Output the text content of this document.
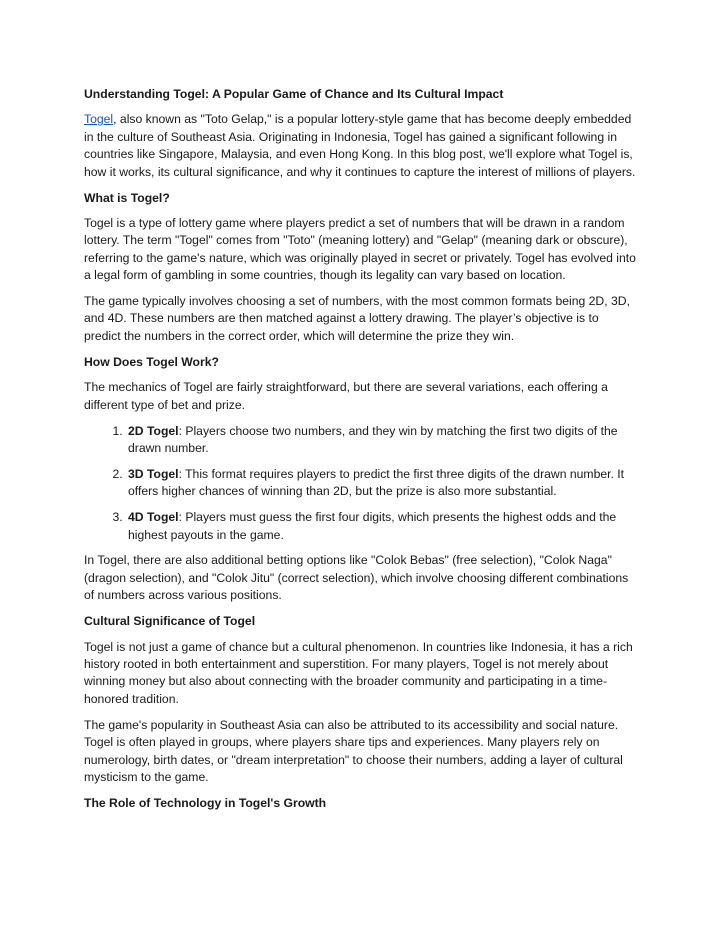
Understanding Togel: A Popular Game of Chance and Its Cultural Impact

Togel, also known as "Toto Gelap," is a popular lottery-style game that has become deeply embedded in the culture of Southeast Asia. Originating in Indonesia, Togel has gained a significant following in countries like Singapore, Malaysia, and even Hong Kong. In this blog post, we'll explore what Togel is, how it works, its cultural significance, and why it continues to capture the interest of millions of players.

What is Togel?

Togel is a type of lottery game where players predict a set of numbers that will be drawn in a random lottery. The term "Togel" comes from "Toto" (meaning lottery) and "Gelap" (meaning dark or obscure), referring to the game's nature, which was originally played in secret or privately. Togel has evolved into a legal form of gambling in some countries, though its legality can vary based on location.

The game typically involves choosing a set of numbers, with the most common formats being 2D, 3D, and 4D. These numbers are then matched against a lottery drawing. The player’s objective is to predict the numbers in the correct order, which will determine the prize they win.

How Does Togel Work?

The mechanics of Togel are fairly straightforward, but there are several variations, each offering a different type of bet and prize.

1. 2D Togel: Players choose two numbers, and they win by matching the first two digits of the drawn number.
2. 3D Togel: This format requires players to predict the first three digits of the drawn number. It offers higher chances of winning than 2D, but the prize is also more substantial.
3. 4D Togel: Players must guess the first four digits, which presents the highest odds and the highest payouts in the game.

In Togel, there are also additional betting options like "Colok Bebas" (free selection), "Colok Naga" (dragon selection), and "Colok Jitu" (correct selection), which involve choosing different combinations of numbers across various positions.

Cultural Significance of Togel

Togel is not just a game of chance but a cultural phenomenon. In countries like Indonesia, it has a rich history rooted in both entertainment and superstition. For many players, Togel is not merely about winning money but also about connecting with the broader community and participating in a time-honored tradition.

The game's popularity in Southeast Asia can also be attributed to its accessibility and social nature. Togel is often played in groups, where players share tips and experiences. Many players rely on numerology, birth dates, or "dream interpretation" to choose their numbers, adding a layer of cultural mysticism to the game.

The Role of Technology in Togel's Growth
